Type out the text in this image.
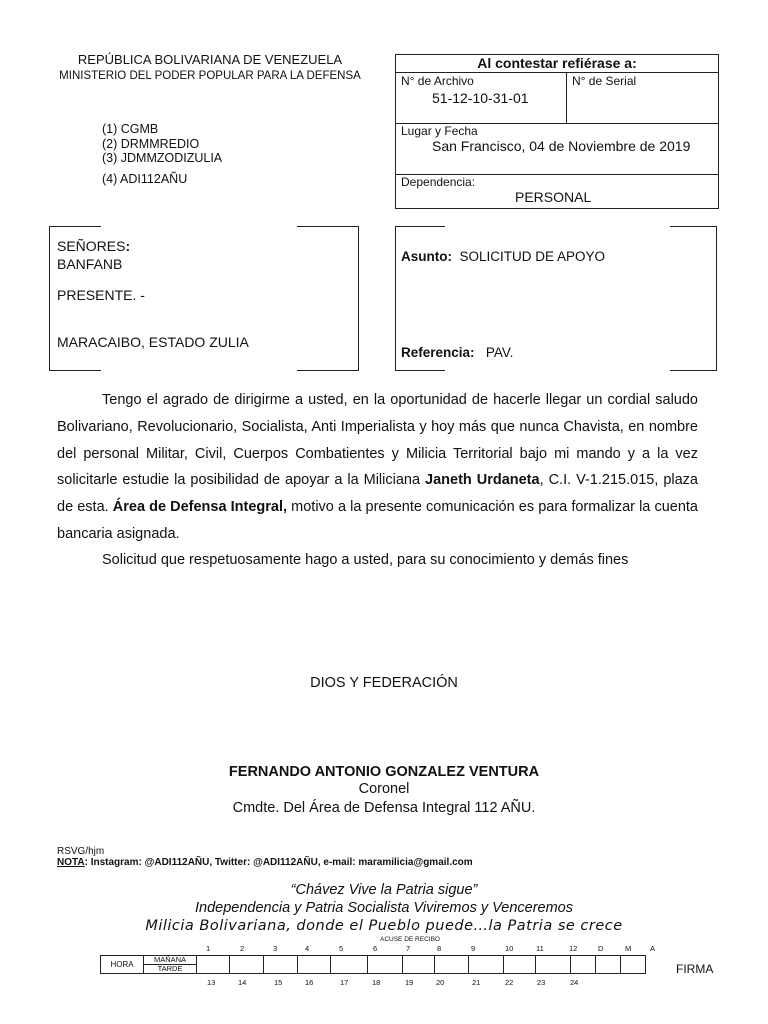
REPÚBLICA BOLIVARIANA DE VENEZUELA
MINISTERIO DEL PODER POPULAR PARA LA DEFENSA
(1) CGMB
(2) DRMMREDIO
(3) JDMMZODIZULIA
(4) ADI112AÑU
Al contestar refiérase a:
N° de Archivo
51-12-10-31-01
N° de Serial
Lugar y Fecha
San Francisco, 04 de Noviembre de 2019
Dependencia:
PERSONAL
SEÑORES:
BANFANB
PRESENTE. -
MARACAIBO, ESTADO ZULIA
Asunto: SOLICITUD DE APOYO
Referencia: PAV.
Tengo el agrado de dirigirme a usted, en la oportunidad de hacerle llegar un cordial saludo Bolivariano, Revolucionario, Socialista, Anti Imperialista y hoy más que nunca Chavista, en nombre del personal Militar, Civil, Cuerpos Combatientes y Milicia Territorial bajo mi mando y a la vez solicitarle estudie la posibilidad de apoyar a la Miliciana Janeth Urdaneta, C.I. V-1.215.015, plaza de esta. Área de Defensa Integral, motivo a la presente comunicación es para formalizar la cuenta bancaria asignada.
Solicitud que respetuosamente hago a usted, para su conocimiento y demás fines
DIOS Y FEDERACIÓN
FERNANDO ANTONIO GONZALEZ VENTURA
Coronel
Cmdte. Del Área de Defensa Integral 112 AÑU.
RSVG/hjm
NOTA: Instagram: @ADI112AÑU, Twitter: @ADI112AÑU, e-mail: maramilicia@gmail.com
“Chávez Vive la Patria sigue”
Independencia y Patria Socialista Viviremos y Venceremos
Milicia Bolivariana, donde el Pueblo puede…la Patria se crece
ACUSE DE RECIBO
1	2	3	4	5	6	7	8	9	10	11	12	D	M	A
HORA	MAÑANA														
TARDE
13	14	15	16	17	18	19	20	21	22	23	24
FIRMA
